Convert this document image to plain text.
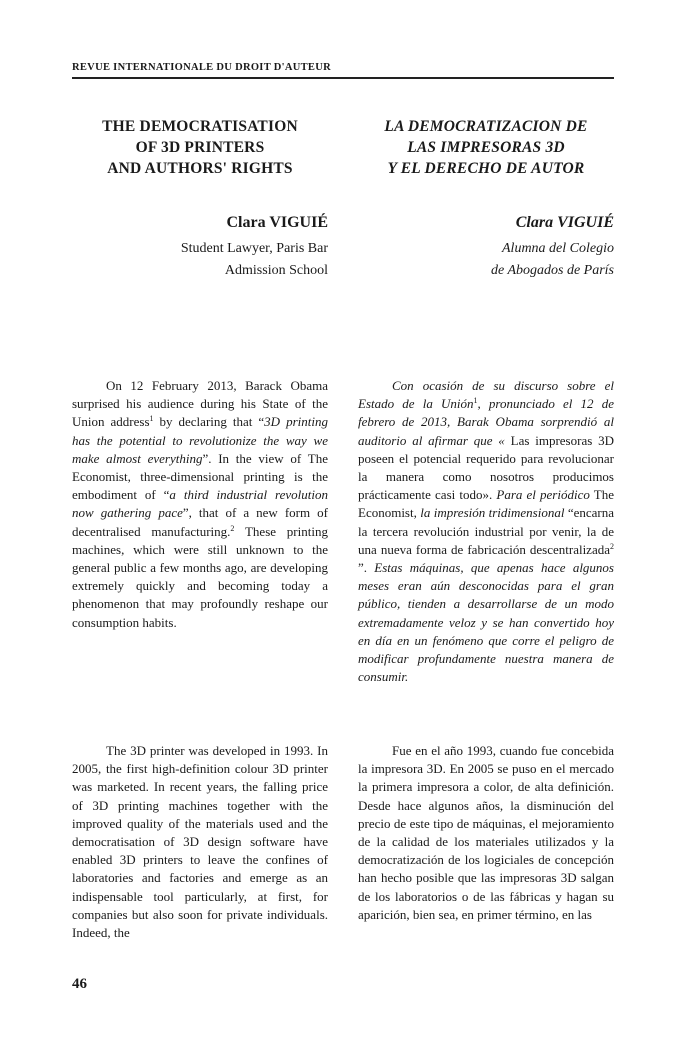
REVUE INTERNATIONALE DU DROIT D'AUTEUR
THE DEMOCRATISATION
OF 3D PRINTERS
AND AUTHORS' RIGHTS
Clara VIGUIÉ
Student Lawyer, Paris Bar
Admission School

On 12 February 2013, Barack Obama surprised his audience during his State of the Union address$^1$ by declaring that “3D printing has the potential to revolutionize the way we make almost everything”. In the view of The Economist, three-dimensional printing is the embodiment of “a third industrial revolution now gathering pace”, that of a new form of decentralised manufacturing.$^2$ These printing machines, which were still unknown to the general public a few months ago, are developing extremely quickly and becoming today a phenomenon that may profoundly reshape our consumption habits.

The 3D printer was developed in 1993. In 2005, the first high-definition colour 3D printer was marketed. In recent years, the falling price of 3D printing machines together with the improved quality of the materials used and the democratisation of 3D design software have enabled 3D printers to leave the confines of laboratories and factories and emerge as an indispensable tool particularly, at first, for companies but also soon for private individuals. Indeed, the

LA DEMOCRATIZACION DE
LAS IMPRESORAS 3D
Y EL DERECHO DE AUTOR
Clara VIGUIÉ
Alumna del Colegio
de Abogados de París

Con ocasión de su discurso sobre el Estado de la Unión$^1$, pronunciado el 12 de febrero de 2013, Barak Obama sorprendió al auditorio al afirmar que « Las impresoras 3D poseen el potencial requerido para revolucionar la manera como nosotros producimos prácticamente casi todo». Para el periódico The Economist, la impresión tridimensional “encarna la tercera revolución industrial por venir, la de una nueva forma de fabricación descentralizada$^2$ ”. Estas máquinas, que apenas hace algunos meses eran aún desconocidas para el gran público, tienden a desarrollarse de un modo extremadamente veloz y se han convertido hoy en día en un fenómeno que corre el peligro de modificar profundamente nuestra manera de consumir.

Fue en el año 1993, cuando fue concebida la impresora 3D. En 2005 se puso en el mercado la primera impresora a color, de alta definición. Desde hace algunos años, la disminución del precio de este tipo de máquinas, el mejoramiento de la calidad de los materiales utilizados y la democratización de los logiciales de concepción han hecho posible que las impresoras 3D salgan de los laboratorios o de las fábricas y hagan su aparición, bien sea, en primer término, en las

46
